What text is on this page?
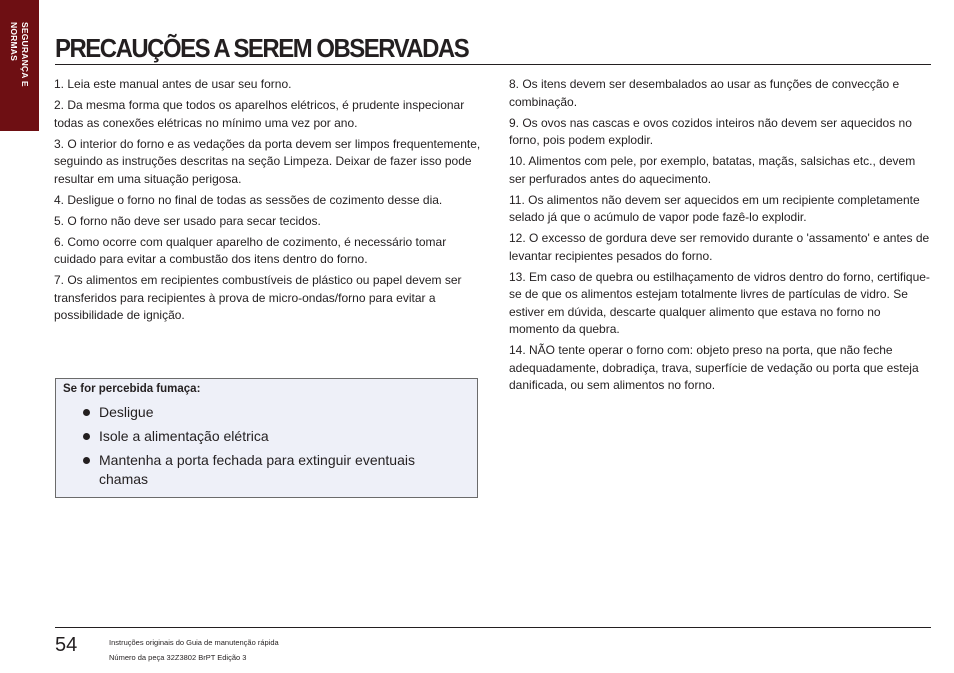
SEGURANÇA E
NORMAS	PRECAUÇÕES A SEREM OBSERVADAS

1. Leia este manual antes de usar seu forno.

2. Da mesma forma que todos os aparelhos elétricos, é prudente inspecionar todas as conexões elétricas no mínimo uma vez por ano.

3. O interior do forno e as vedações da porta devem ser limpos frequentemente, seguindo as instruções descritas na seção Limpeza. Deixar de fazer isso pode resultar em uma situação perigosa.

4. Desligue o forno no final de todas as sessões de cozimento desse dia.

5. O forno não deve ser usado para secar tecidos.

6. Como ocorre com qualquer aparelho de cozimento, é necessário tomar cuidado para evitar a combustão dos itens dentro do forno.

7. Os alimentos em recipientes combustíveis de plástico ou papel devem ser transferidos para recipientes à prova de micro-ondas/forno para evitar a possibilidade de ignição.

8. Os itens devem ser desembalados ao usar as funções de convecção e combinação.

9. Os ovos nas cascas e ovos cozidos inteiros não devem ser aquecidos no forno, pois podem explodir.

10. Alimentos com pele, por exemplo, batatas, maçãs, salsichas etc., devem ser perfurados antes do aquecimento.

11. Os alimentos não devem ser aquecidos em um recipiente completamente selado já que o acúmulo de vapor pode fazê-lo explodir.

12. O excesso de gordura deve ser removido durante o 'assamento' e antes de levantar recipientes pesados do forno.

13. Em caso de quebra ou estilhaçamento de vidros dentro do forno, certifique-se de que os alimentos estejam totalmente livres de partículas de vidro. Se estiver em dúvida, descarte qualquer alimento que estava no forno no momento da quebra.

14. NÃO tente operar o forno com: objeto preso na porta, que não feche adequadamente, dobradiça, trava, superfície de vedação ou porta que esteja danificada, ou sem alimentos no forno.

Se for percebida fumaça:
Desligue
Isole a alimentação elétrica
Mantenha a porta fechada para extinguir eventuais chamas
54	Instruções originais do Guia de manutenção rápida
Número da peça 32Z3802 BrPT Edição 3
